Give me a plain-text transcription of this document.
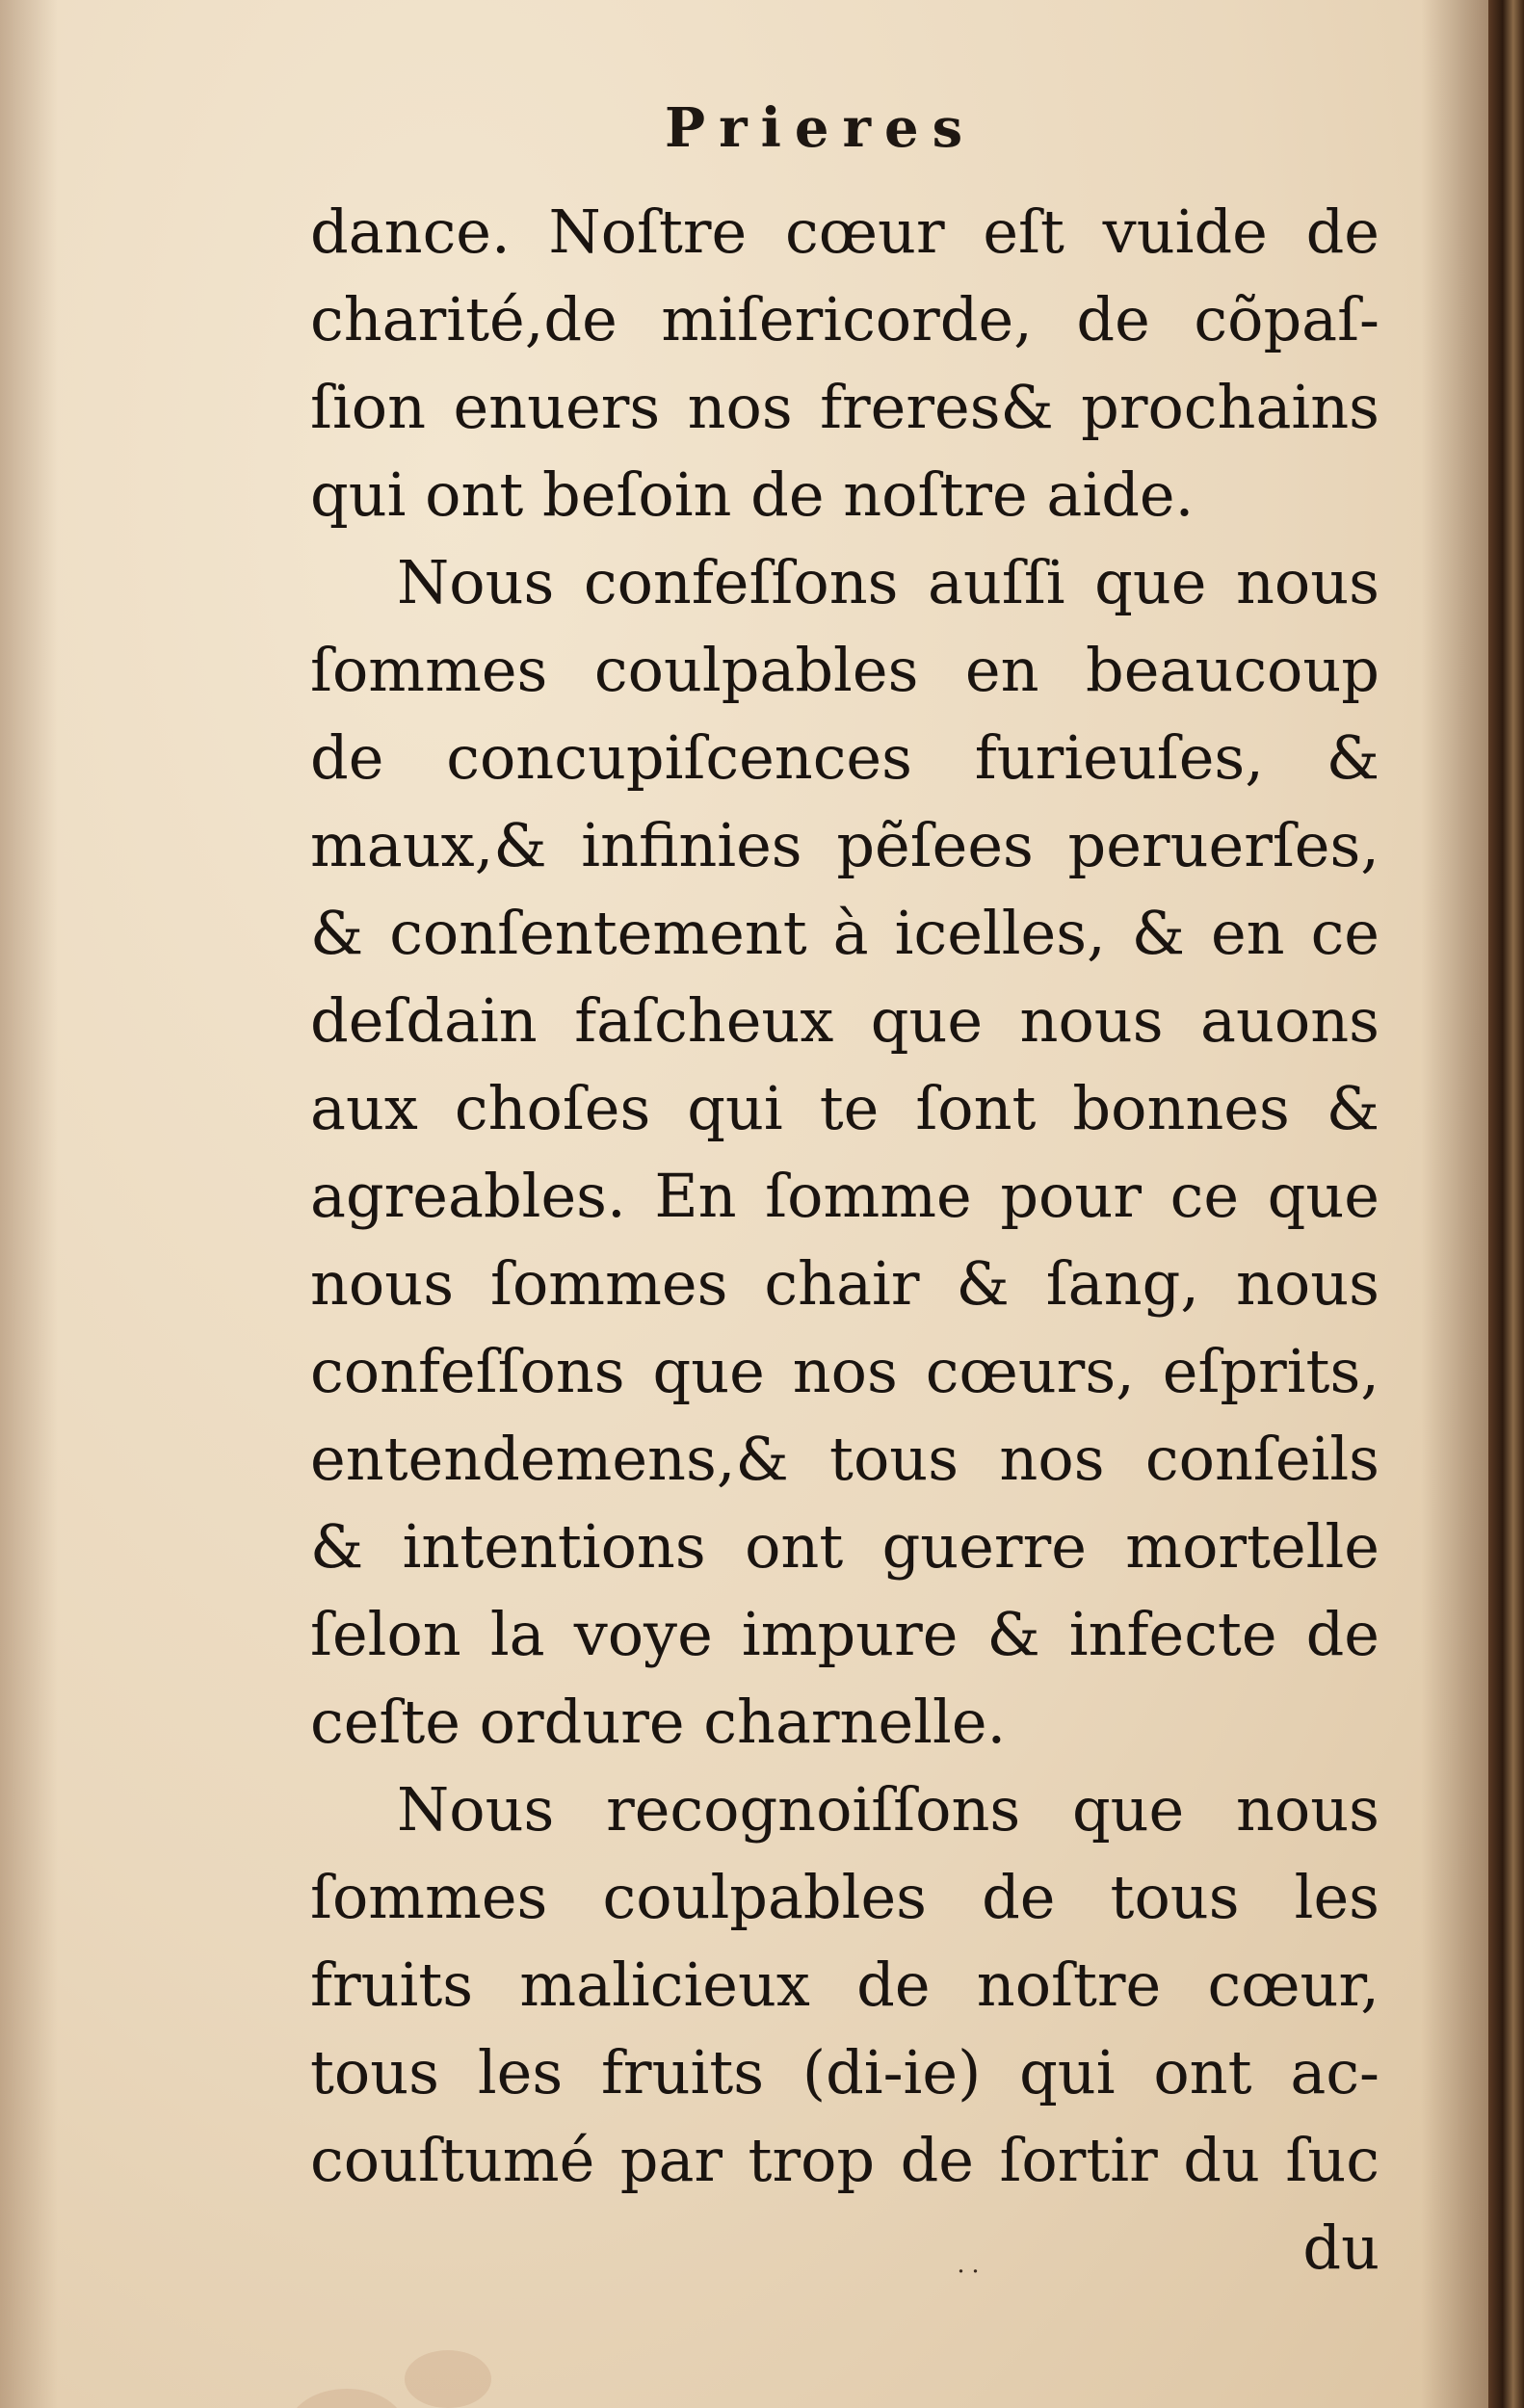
Prieres
dance. Noſtre cœur eſt vuide de
charité,de miſericorde, de cõpaſ-
ſion enuers nos freres& prochains
qui ont beſoin de noſtre aide.
Nous confeſſons auſſi que nous
ſommes coulpables en beaucoup
de concupiſcences furieuſes, &
maux,& infinies pẽſees peruerſes,
& conſentement à icelles, & en ce
deſdain faſcheux que nous auons
aux choſes qui te ſont bonnes &
agreables. En ſomme pour ce que
nous ſommes chair & ſang, nous
confeſſons que nos cœurs, eſprits,
entendemens,& tous nos conſeils
& intentions ont guerre mortelle
ſelon la voye impure & infecte de
ceſte ordure charnelle.
Nous recognoiſſons que nous
ſommes coulpables de tous les
fruits malicieux de noſtre cœur,
tous les fruits (di-ie) qui ont ac-
couſtumé par trop de ſortir du ſuc
du
˙˙
